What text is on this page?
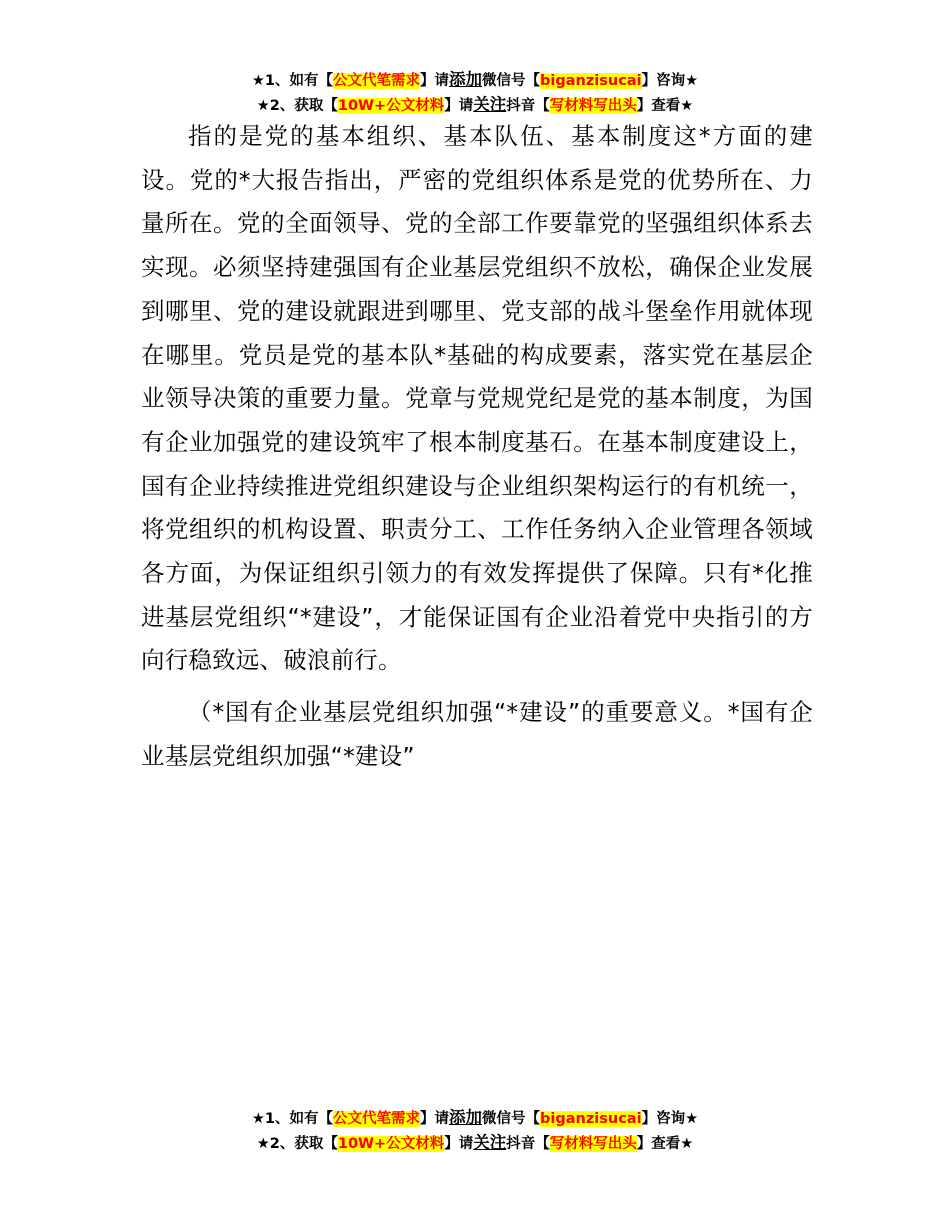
★1、如有【公文代笔需求】请添加微信号【biganzisucai】咨询★
★2、获取【10W+公文材料】请关注抖音【写材料写出头】查看★

指的是党的基本组织、基本队伍、基本制度这*方面的建设。党的*大报告指出，严密的党组织体系是党的优势所在、力量所在。党的全面领导、党的全部工作要靠党的坚强组织体系去实现。必须坚持建强国有企业基层党组织不放松，确保企业发展到哪里、党的建设就跟进到哪里、党支部的战斗堡垒作用就体现在哪里。党员是党的基本队*基础的构成要素，落实党在基层企业领导决策的重要力量。党章与党规党纪是党的基本制度，为国有企业加强党的建设筑牢了根本制度基石。在基本制度建设上，国有企业持续推进党组织建设与企业组织架构运行的有机统一，将党组织的机构设置、职责分工、工作任务纳入企业管理各领域各方面，为保证组织引领力的有效发挥提供了保障。只有*化推进基层党组织“*建设”，才能保证国有企业沿着党中央指引的方向行稳致远、破浪前行。

（*国有企业基层党组织加强“*建设”的重要意义。*国有企业基层党组织加强“*建设”

★1、如有【公文代笔需求】请添加微信号【biganzisucai】咨询★
★2、获取【10W+公文材料】请关注抖音【写材料写出头】查看★
